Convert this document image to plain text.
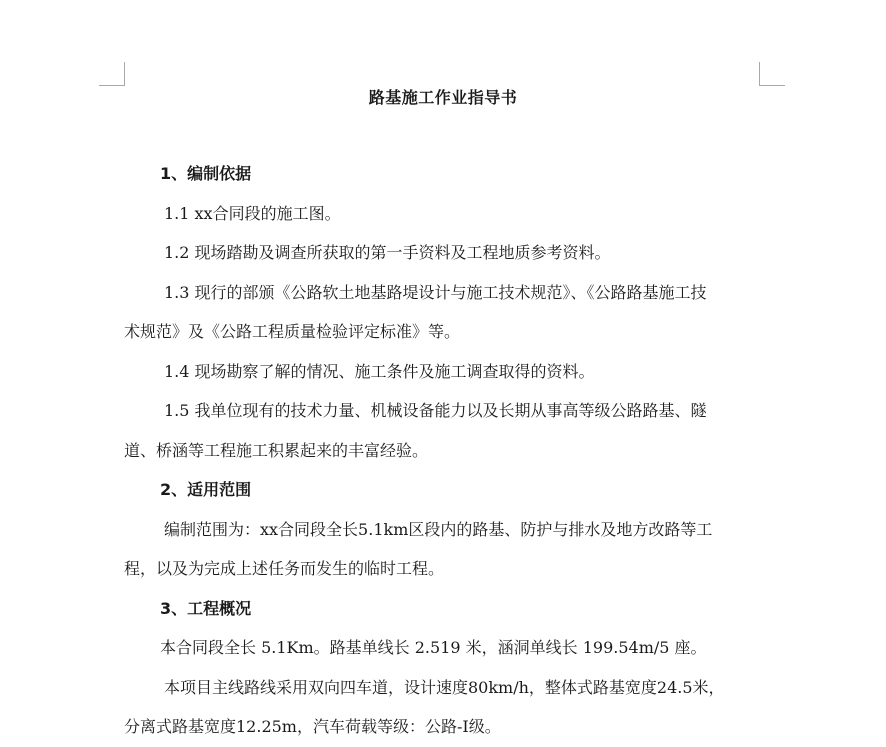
路基施工作业指导书

1、编制依据

1.1 xx合同段的施工图。

1.2 现场踏勘及调查所获取的第一手资料及工程地质参考资料。

1.3 现行的部颁《公路软土地基路堤设计与施工技术规范》、《公路路基施工技

术规范》及《公路工程质量检验评定标准》等。

1.4 现场勘察了解的情况、施工条件及施工调查取得的资料。

1.5 我单位现有的技术力量、机械设备能力以及长期从事高等级公路路基、隧

道、桥涵等工程施工积累起来的丰富经验。

2、适用范围

编制范围为：xx合同段全长5.1km区段内的路基、防护与排水及地方改路等工

程，以及为完成上述任务而发生的临时工程。

3、工程概况

本合同段全长 5.1Km。路基单线长 2.519 米，涵洞单线长 199.54m/5 座。

本项目主线路线采用双向四车道，设计速度80km/h，整体式路基宽度24.5米，

分离式路基宽度12.25m，汽车荷载等级：公路-I级。
